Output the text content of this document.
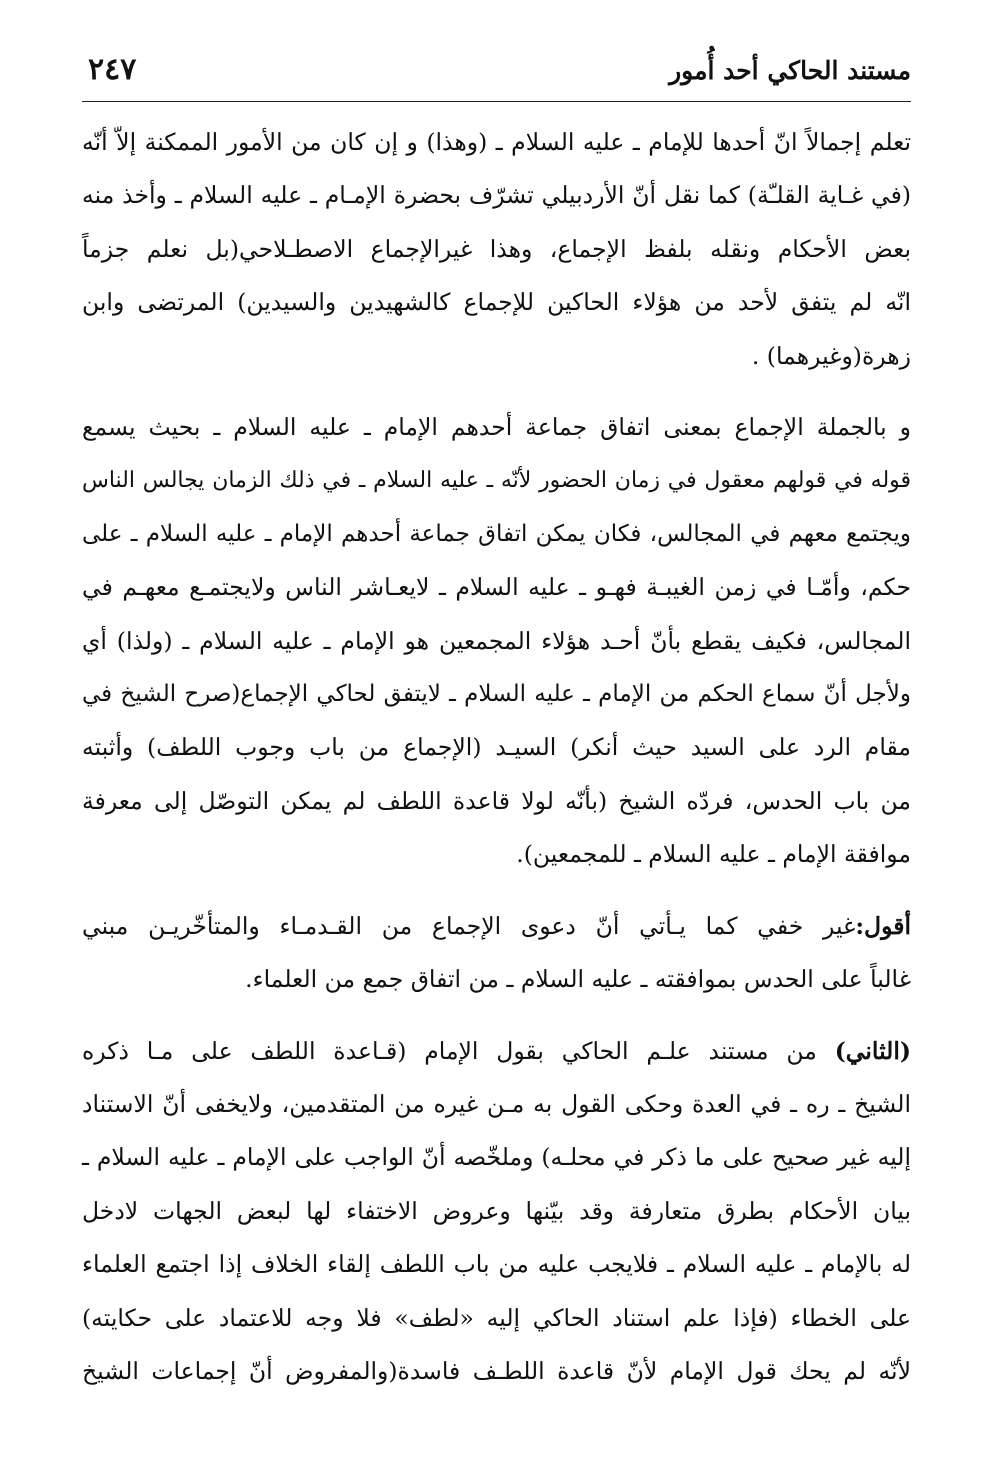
مستند الحاكي أحد أُمور
٢٤٧

تعلم إجمالاً انّ أحدها للإمام ـ عليه السلام ـ (وهذا) و إن كان من الأمور الممكنة إلاّ أنّه
(في غـاية القلـّة) كما نقل أنّ الأردبيلي تشرّف بحضرة الإمـام ـ عليه السلام ـ وأخذ منه
بعض الأحكام ونقله بلفظ الإجماع، وهذا غيرالإجماع الاصطـلاحي(بل نعلم جزماً
انّه لم يتفق لأحد من هؤلاء الحاكين للإجماع كالشهيدين والسيدين) المرتضى وابن
زهرة(وغيرهما) .

و بالجملة الإجماع بمعنى اتفاق جماعة أحدهم الإمام ـ عليه السلام ـ بحيث يسمع
قوله في قولهم معقول في زمان الحضور لأنّه ـ عليه السلام ـ في ذلك الزمان يجالس الناس
ويجتمع معهم في المجالس، فكان يمكن اتفاق جماعة أحدهم الإمام ـ عليه السلام ـ على
حكم، وأمّـا في زمن الغيبـة فهـو ـ عليه السلام ـ لايعـاشر الناس ولايجتمـع معهـم في
المجالس، فكيف يقطع بأنّ أحـد هؤلاء المجمعين هو الإمام ـ عليه السلام ـ (ولذا) أي
ولأجل أنّ سماع الحكم من الإمام ـ عليه السلام ـ لايتفق لحاكي الإجماع(صرح الشيخ في
مقام الرد على السيد حيث أنكر) السيـد (الإجماع من باب وجوب اللطف) وأثبته
من باب الحدس، فردّه الشيخ (بأنّه لولا قاعدة اللطف لم يمكن التوصّل إلى معرفة
موافقة الإمام ـ عليه السلام ـ للمجمعين).

أقول:غير خفي كما يـأتي أنّ دعوى الإجماع من القـدمـاء والمتأخّريـن مبني
غالباً على الحدس بموافقته ـ عليه السلام ـ من اتفاق جمع من العلماء.

(الثاني) من مستند علـم الحاكي بقول الإمام (قـاعدة اللطف على مـا ذكره
الشيخ ـ ره ـ في العدة وحكى القول به مـن غيره من المتقدمين، ولايخفى أنّ الاستناد
إليه غير صحيح على ما ذكر في محلـه) وملخّصه أنّ الواجب على الإمام ـ عليه السلام ـ
بيان الأحكام بطرق متعارفة وقد بيّنها وعروض الاختفاء لها لبعض الجهات لادخل
له بالإمام ـ عليه السلام ـ فلايجب عليه من باب اللطف إلقاء الخلاف إذا اجتمع العلماء
على الخطاء (فإذا علم استناد الحاكي إليه «لطف» فلا وجه للاعتماد على حكايته)
لأنّه لم يحك قول الإمام لأنّ قاعدة اللطـف فاسدة(والمفروض أنّ إجماعات الشيخ
